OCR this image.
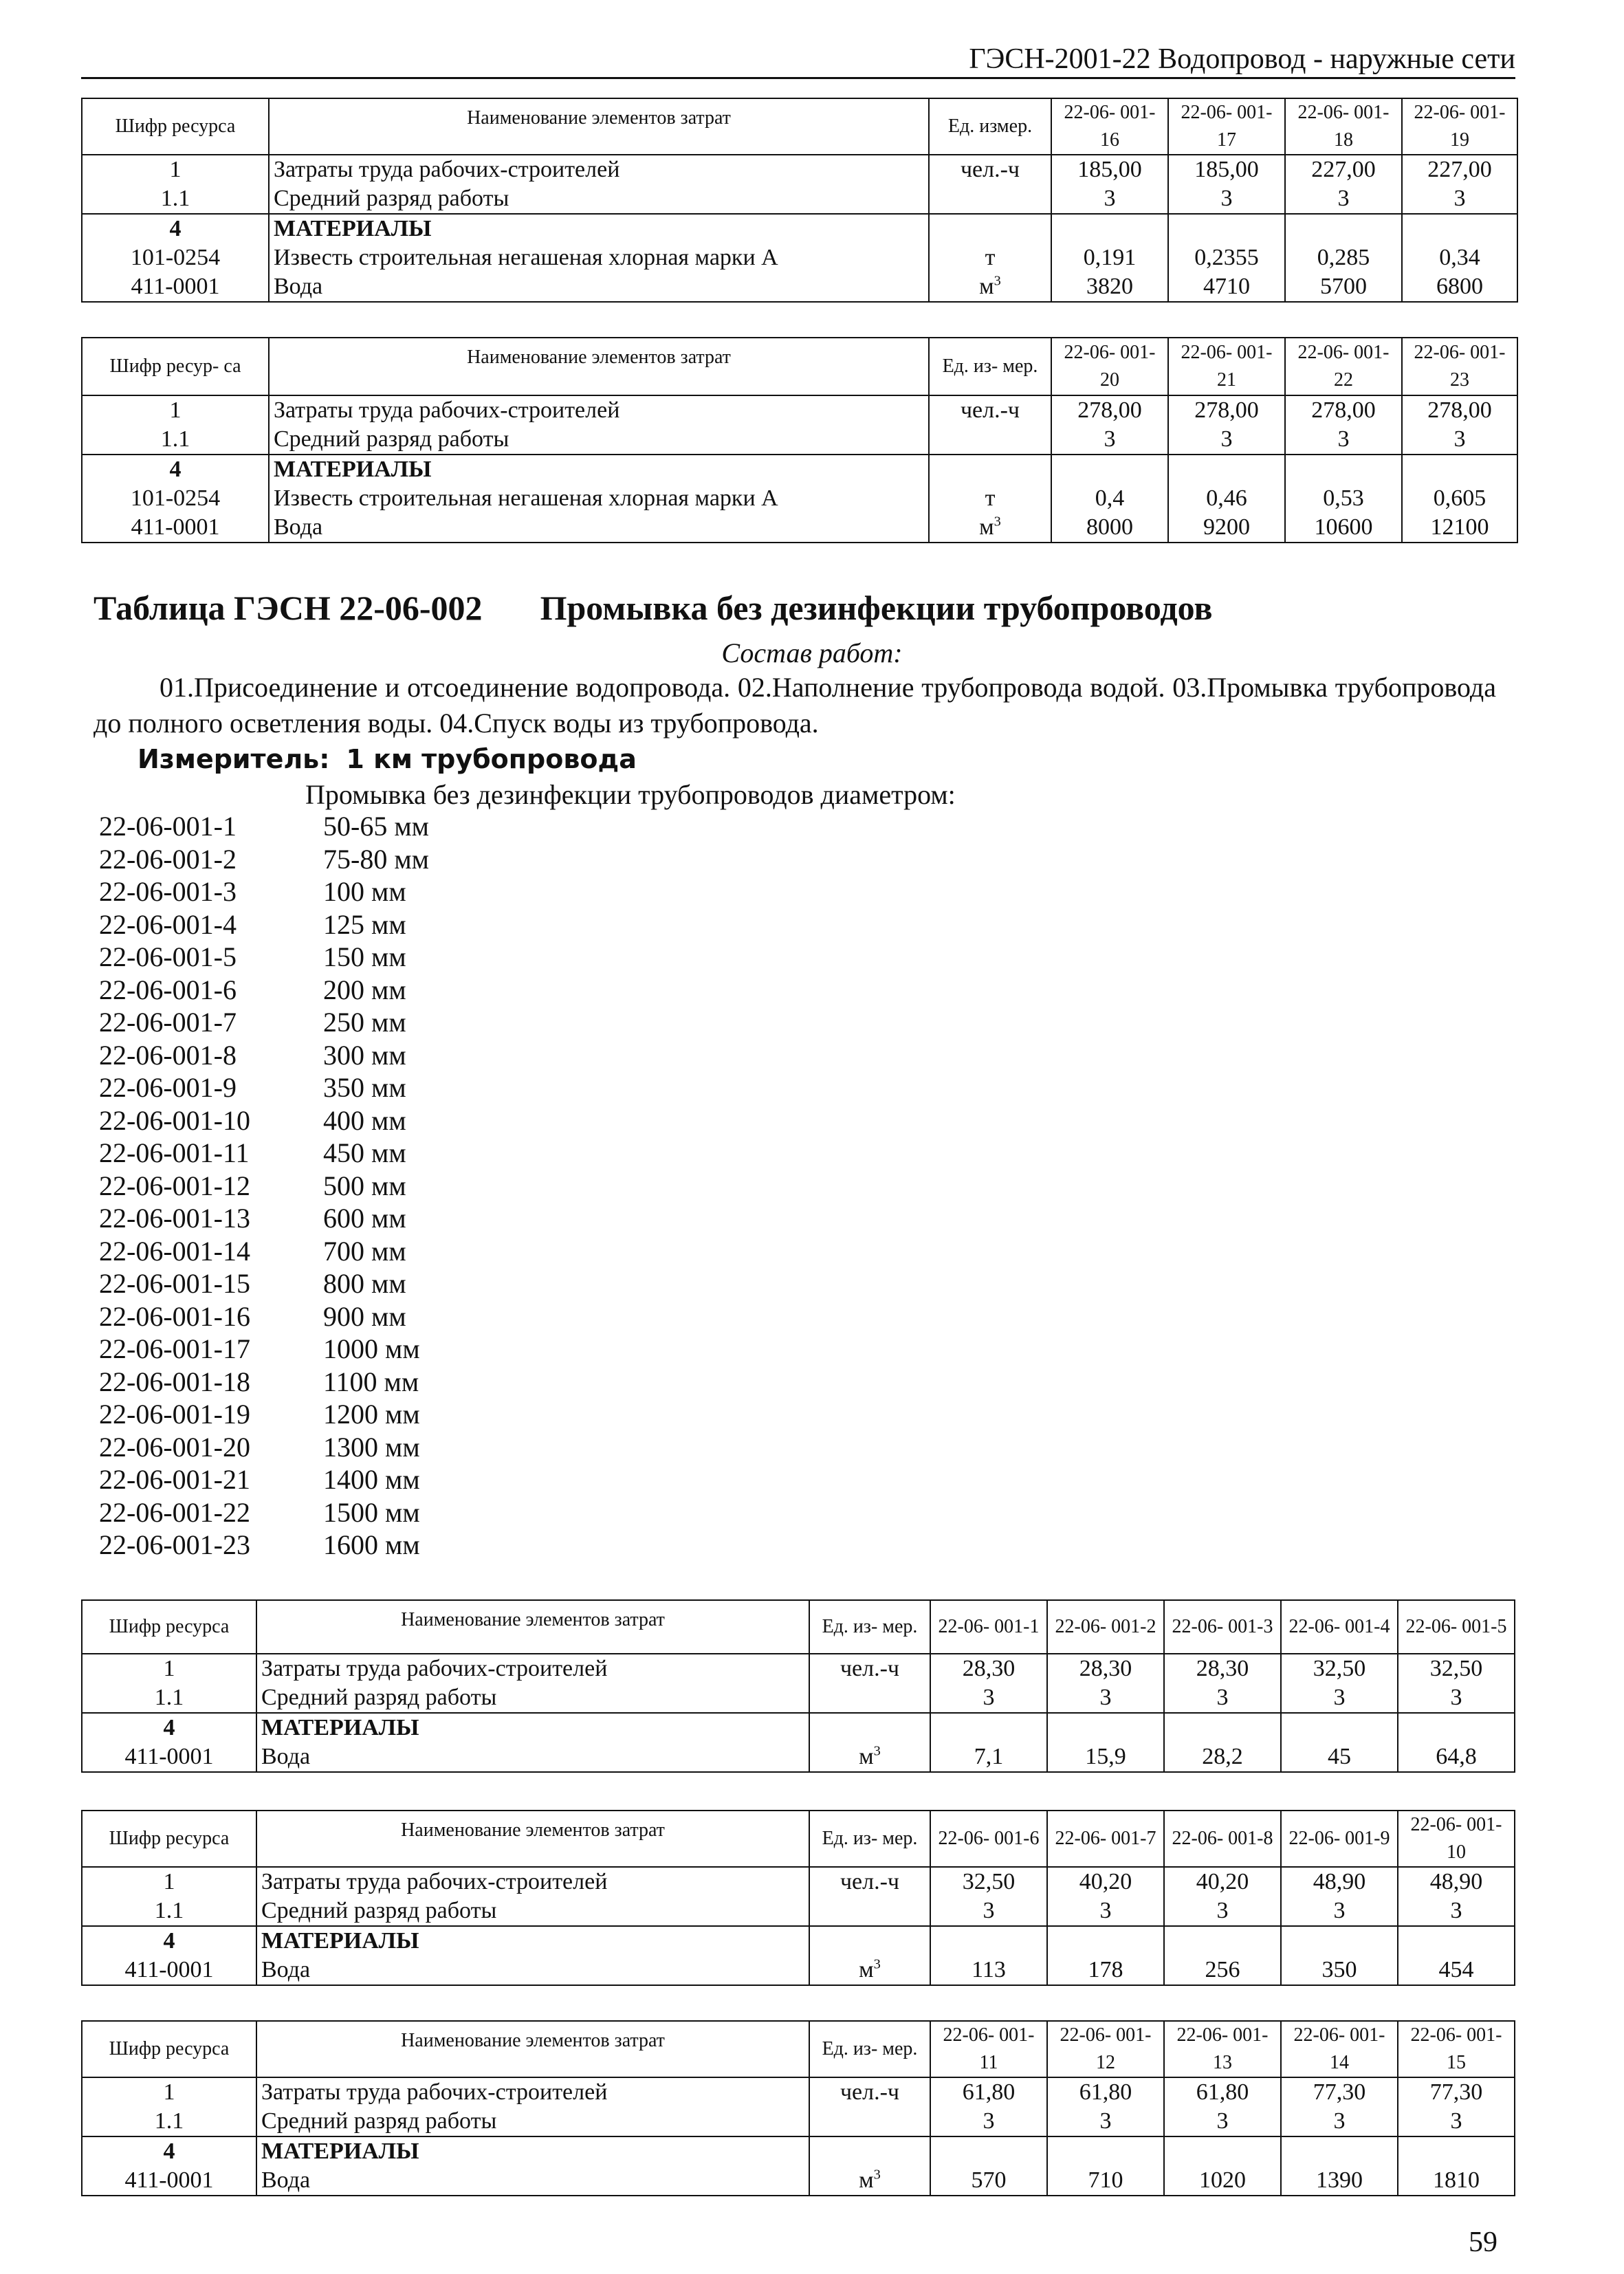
ГЭСН-2001-22 Водопровод - наружные сети
Шифр ресурса	Наименование элементов затрат	Ед. измер.	22-06- 001-16	22-06- 001-17	22-06- 001-18	22-06- 001-19
1	Затраты труда рабочих-строителей	чел.-ч	185,00	185,00	227,00	227,00
1.1	Средний разряд работы		3	3	3	3
4	МАТЕРИАЛЫ					
101-0254	Известь строительная негашеная хлорная марки А	т	0,191	0,2355	0,285	0,34
411-0001	Вода	$м^3$	3820	4710	5700	6800
Шифр ресур- са	Наименование элементов затрат	Ед. из- мер.	22-06- 001-20	22-06- 001-21	22-06- 001-22	22-06- 001-23
1	Затраты труда рабочих-строителей	чел.-ч	278,00	278,00	278,00	278,00
1.1	Средний разряд работы		3	3	3	3
4	МАТЕРИАЛЫ					
101-0254	Известь строительная негашеная хлорная марки А	т	0,4	0,46	0,53	0,605
411-0001	Вода	$м^3$	8000	9200	10600	12100
Шифр ресурса	Наименование элементов затрат	Ед. из- мер.	22-06- 001-1	22-06- 001-2	22-06- 001-3	22-06- 001-4	22-06- 001-5
1	Затраты труда рабочих-строителей	чел.-ч	28,30	28,30	28,30	32,50	32,50
1.1	Средний разряд работы		3	3	3	3	3
4	МАТЕРИАЛЫ						
411-0001	Вода	$м^3$	7,1	15,9	28,2	45	64,8
Шифр ресурса	Наименование элементов затрат	Ед. из- мер.	22-06- 001-6	22-06- 001-7	22-06- 001-8	22-06- 001-9	22-06- 001-10
1	Затраты труда рабочих-строителей	чел.-ч	32,50	40,20	40,20	48,90	48,90
1.1	Средний разряд работы		3	3	3	3	3
4	МАТЕРИАЛЫ						
411-0001	Вода	$м^3$	113	178	256	350	454
Шифр ресурса	Наименование элементов затрат	Ед. из- мер.	22-06- 001-11	22-06- 001-12	22-06- 001-13	22-06- 001-14	22-06- 001-15
1	Затраты труда рабочих-строителей	чел.-ч	61,80	61,80	61,80	77,30	77,30
1.1	Средний разряд работы		3	3	3	3	3
4	МАТЕРИАЛЫ						
411-0001	Вода	$м^3$	570	710	1020	1390	1810
Таблица ГЭСН 22-06-002 Промывка без дезинфекции трубопроводов
Состав работ:
01.Присоединение и отсоединение водопровода. 02.Наполнение трубопровода водой. 03.Промывка трубопровода до полного осветления воды. 04.Спуск воды из трубопровода.
Измеритель: 1 км трубопровода
Промывка без дезинфекции трубопроводов диаметром:
22-06-001-1	50-65 мм
22-06-001-2	75-80 мм
22-06-001-3	100 мм
22-06-001-4	125 мм
22-06-001-5	150 мм
22-06-001-6	200 мм
22-06-001-7	250 мм
22-06-001-8	300 мм
22-06-001-9	350 мм
22-06-001-10	400 мм
22-06-001-11	450 мм
22-06-001-12	500 мм
22-06-001-13	600 мм
22-06-001-14	700 мм
22-06-001-15	800 мм
22-06-001-16	900 мм
22-06-001-17	1000 мм
22-06-001-18	1100 мм
22-06-001-19	1200 мм
22-06-001-20	1300 мм
22-06-001-21	1400 мм
22-06-001-22	1500 мм
22-06-001-23	1600 мм
59
